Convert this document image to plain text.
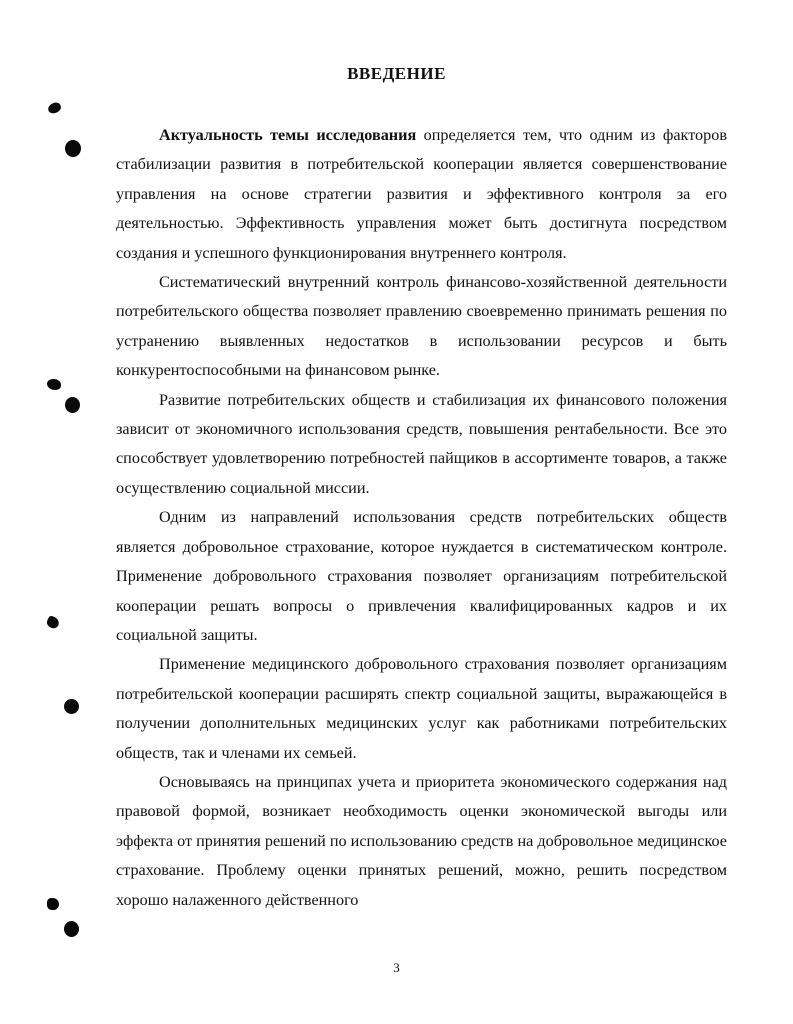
ВВЕДЕНИЕ

Актуальность темы исследования определяется тем, что одним из факторов стабилизации развития в потребительской кооперации является совершенствование управления на основе стратегии развития и эффективного контроля за его деятельностью. Эффективность управления может быть достигнута посредством создания и успешного функционирования внутреннего контроля.

Систематический внутренний контроль финансово-хозяйственной деятельности потребительского общества позволяет правлению своевременно принимать решения по устранению выявленных недостатков в использовании ресурсов и быть конкурентоспособными на финансовом рынке.

Развитие потребительских обществ и стабилизация их финансового положения зависит от экономичного использования средств, повышения рентабельности. Все это способствует удовлетворению потребностей пайщиков в ассортименте товаров, а также осуществлению социальной миссии.

Одним из направлений использования средств потребительских обществ является добровольное страхование, которое нуждается в систематическом контроле. Применение добровольного страхования позволяет организациям потребительской кооперации решать вопросы о привлечения квалифицированных кадров и их социальной защиты.

Применение медицинского добровольного страхования позволяет организациям потребительской кооперации расширять спектр социальной защиты, выражающейся в получении дополнительных медицинских услуг как работниками потребительских обществ, так и членами их семьей.

Основываясь на принципах учета и приоритета экономического содержания над правовой формой, возникает необходимость оценки экономической выгоды или эффекта от принятия решений по использованию средств на добровольное медицинское страхование. Проблему оценки принятых решений, можно, решить посредством хорошо налаженного действенного

3
